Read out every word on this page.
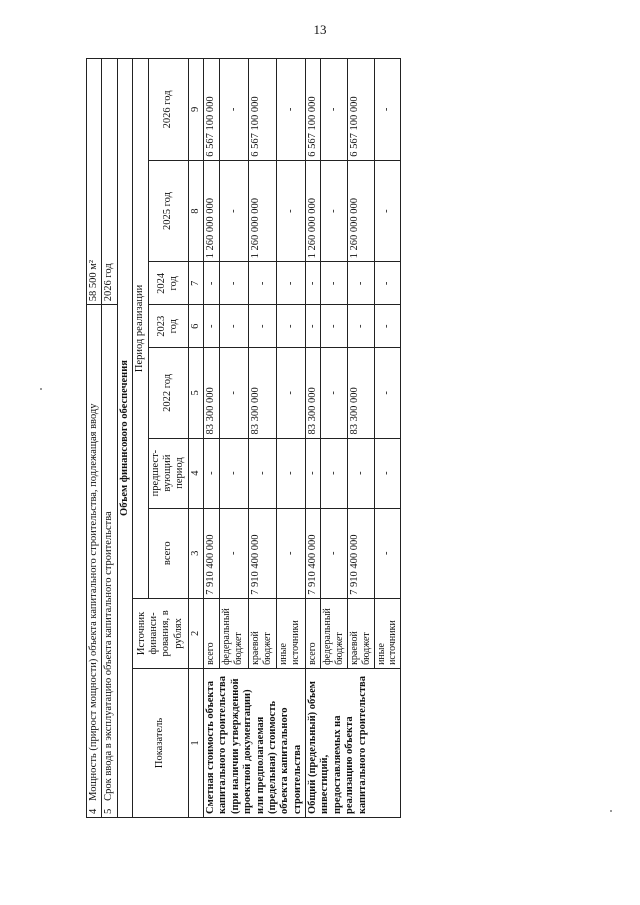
13
4   Мощность (прирост мощности) объекта капитального строительства, подлежащая вводу						58 500 м²		
5   Срок ввода в эксплуатацию объекта капитального строительства						2026 год		
Объем финансового обеспечения								
Показатель	Источник финанси-рования, в рублях	Период реализации						
		всего	предшест-вующий период	2022 год	2023 год	2024 год	2025 год	2026 год
1	2	3	4	5	6	7	8	9
Сметная стоимость объекта капитального строительства (при наличии утвержденной проектной документации) или предполагаемая (предельная) стоимость объекта капитального строительства	всего	7 910 400 000	-	83 300 000	-	-	1 260 000 000	6 567 100 000
	федеральный бюджет	-	-	-	-	-	-	-
	краевой бюджет	7 910 400 000	-	83 300 000	-	-	1 260 000 000	6 567 100 000
	иные источники	-	-	-	-	-	-	-
Общий (предельный) объем инвестиций, предоставляемых на реализацию объекта капитального строительства	всего	7 910 400 000	-	83 300 000	-	-	1 260 000 000	6 567 100 000
	федеральный бюджет	-	-	-	-	-	-	-
	краевой бюджет	7 910 400 000	-	83 300 000	-	-	1 260 000 000	6 567 100 000
	иные источники	-	-	-	-	-	-	-
